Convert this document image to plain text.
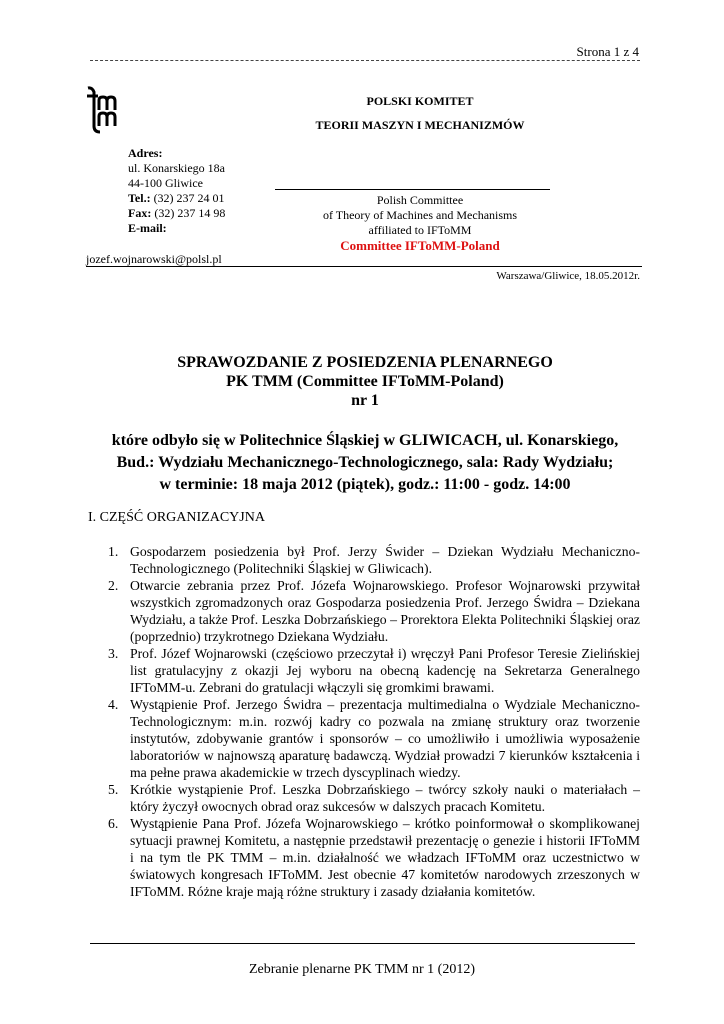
Strona 1 z 4
POLSKI KOMITET
TEORII MASZYN I MECHANIZMÓW
Adres:
ul. Konarskiego 18a
44-100 Gliwice
Tel.: (32) 237 24 01
Fax: (32) 237 14 98
E-mail:
Polish Committee
of Theory of Machines and Mechanisms
affiliated to IFToMM
Committee IFToMM-Poland
jozef.wojnarowski@polsl.pl
Warszawa/Gliwice, 18.05.2012r.
SPRAWOZDANIE Z POSIEDZENIA PLENARNEGO
PK TMM (Committee IFToMM-Poland)
nr 1
które odbyło się w Politechnice Śląskiej w GLIWICACH, ul. Konarskiego,
Bud.: Wydziału Mechanicznego-Technologicznego, sala: Rady Wydziału;
w terminie: 18 maja 2012 (piątek), godz.: 11:00 - godz. 14:00
I. CZĘŚĆ ORGANIZACYJNA
1. Gospodarzem posiedzenia był Prof. Jerzy Świder – Dziekan Wydziału Mechaniczno-Technologicznego (Politechniki Śląskiej w Gliwicach).
2. Otwarcie zebrania przez Prof. Józefa Wojnarowskiego. Profesor Wojnarowski przywitał wszystkich zgromadzonych oraz Gospodarza posiedzenia Prof. Jerzego Świdra – Dziekana Wydziału, a także Prof. Leszka Dobrzańskiego – Prorektora Elekta Politechniki Śląskiej oraz (poprzednio) trzykrotnego Dziekana Wydziału.
3. Prof. Józef Wojnarowski (częściowo przeczytał i) wręczył Pani Profesor Teresie Zielińskiej list gratulacyjny z okazji Jej wyboru na obecną kadencję na Sekretarza Generalnego IFToMM-u. Zebrani do gratulacji włączyli się gromkimi brawami.
4. Wystąpienie Prof. Jerzego Świdra – prezentacja multimedialna o Wydziale Mechaniczno-Technologicznym: m.in. rozwój kadry co pozwala na zmianę struktury oraz tworzenie instytutów, zdobywanie grantów i sponsorów – co umożliwiło i umożliwia wyposażenie laboratoriów w najnowszą aparaturę badawczą. Wydział prowadzi 7 kierunków kształcenia i ma pełne prawa akademickie w trzech dyscyplinach wiedzy.
5. Krótkie wystąpienie Prof. Leszka Dobrzańskiego – twórcy szkoły nauki o materiałach – który życzył owocnych obrad oraz sukcesów w dalszych pracach Komitetu.
6. Wystąpienie Pana Prof. Józefa Wojnarowskiego – krótko poinformował o skomplikowanej sytuacji prawnej Komitetu, a następnie przedstawił prezentację o genezie i historii IFToMM i na tym tle PK TMM – m.in. działalność we władzach IFToMM oraz uczestnictwo w światowych kongresach IFToMM. Jest obecnie 47 komitetów narodowych zrzeszonych w IFToMM. Różne kraje mają różne struktury i zasady działania komitetów.
Zebranie plenarne PK TMM nr 1 (2012)
